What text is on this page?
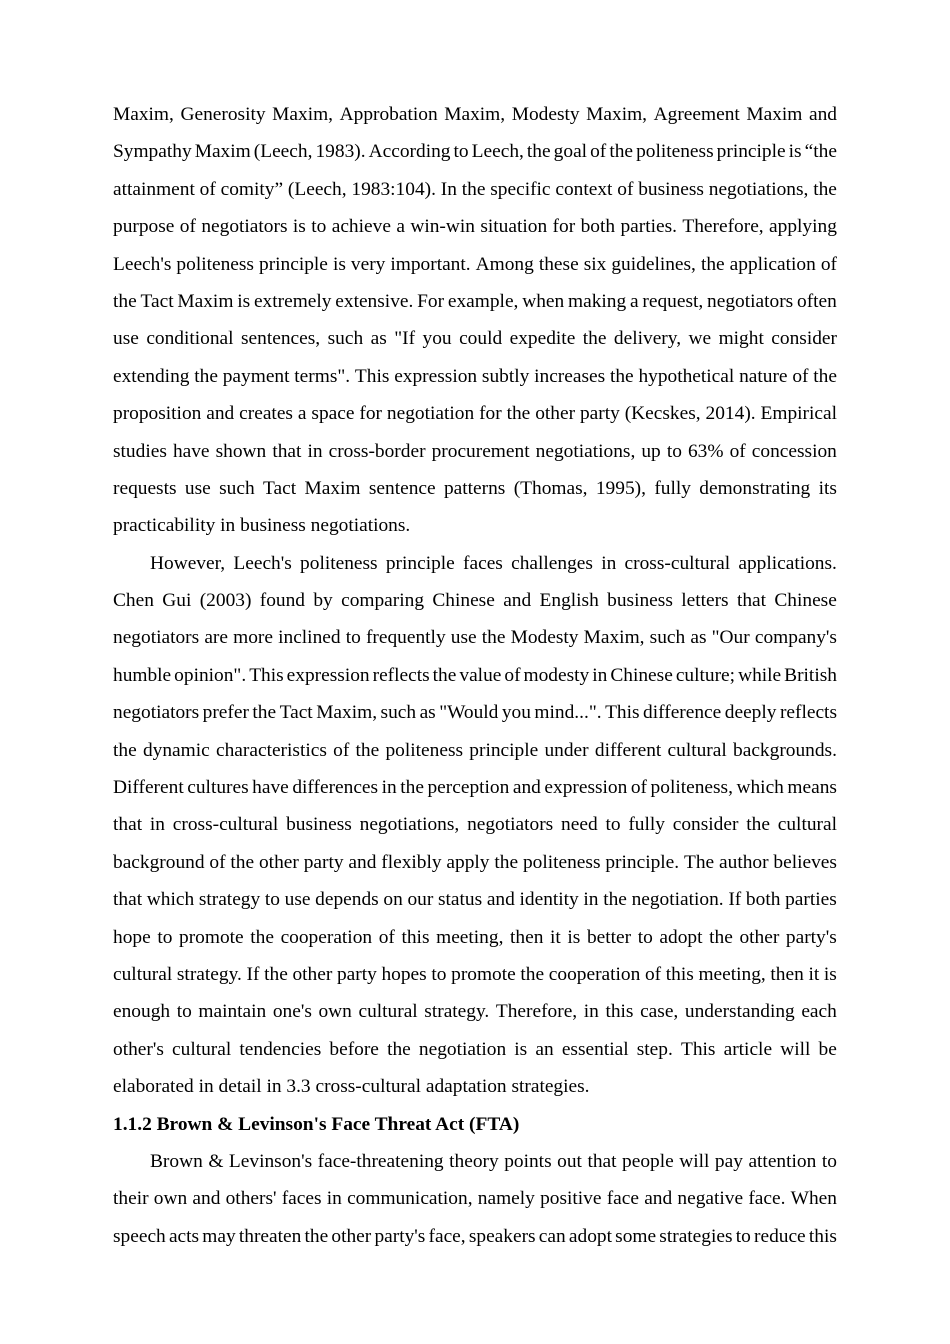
Maxim, Generosity Maxim, Approbation Maxim, Modesty Maxim, Agreement Maxim and
Sympathy Maxim (Leech, 1983). According to Leech, the goal of the politeness principle is “the
attainment of comity” (Leech, 1983:104). In the specific context of business negotiations, the
purpose of negotiators is to achieve a win-win situation for both parties. Therefore, applying
Leech's politeness principle is very important. Among these six guidelines, the application of
the Tact Maxim is extremely extensive. For example, when making a request, negotiators often
use conditional sentences, such as "If you could expedite the delivery, we might consider
extending the payment terms". This expression subtly increases the hypothetical nature of the
proposition and creates a space for negotiation for the other party (Kecskes, 2014). Empirical
studies have shown that in cross-border procurement negotiations, up to 63% of concession
requests use such Tact Maxim sentence patterns (Thomas, 1995), fully demonstrating its
practicability in business negotiations.
However, Leech's politeness principle faces challenges in cross-cultural applications.
Chen Gui (2003) found by comparing Chinese and English business letters that Chinese
negotiators are more inclined to frequently use the Modesty Maxim, such as "Our company's
humble opinion". This expression reflects the value of modesty in Chinese culture; while British
negotiators prefer the Tact Maxim, such as "Would you mind...". This difference deeply reflects
the dynamic characteristics of the politeness principle under different cultural backgrounds.
Different cultures have differences in the perception and expression of politeness, which means
that in cross-cultural business negotiations, negotiators need to fully consider the cultural
background of the other party and flexibly apply the politeness principle. The author believes
that which strategy to use depends on our status and identity in the negotiation. If both parties
hope to promote the cooperation of this meeting, then it is better to adopt the other party's
cultural strategy. If the other party hopes to promote the cooperation of this meeting, then it is
enough to maintain one's own cultural strategy. Therefore, in this case, understanding each
other's cultural tendencies before the negotiation is an essential step. This article will be
elaborated in detail in 3.3 cross-cultural adaptation strategies.
1.1.2 Brown & Levinson's Face Threat Act (FTA)
Brown & Levinson's face-threatening theory points out that people will pay attention to
their own and others' faces in communication, namely positive face and negative face. When
speech acts may threaten the other party's face, speakers can adopt some strategies to reduce this
